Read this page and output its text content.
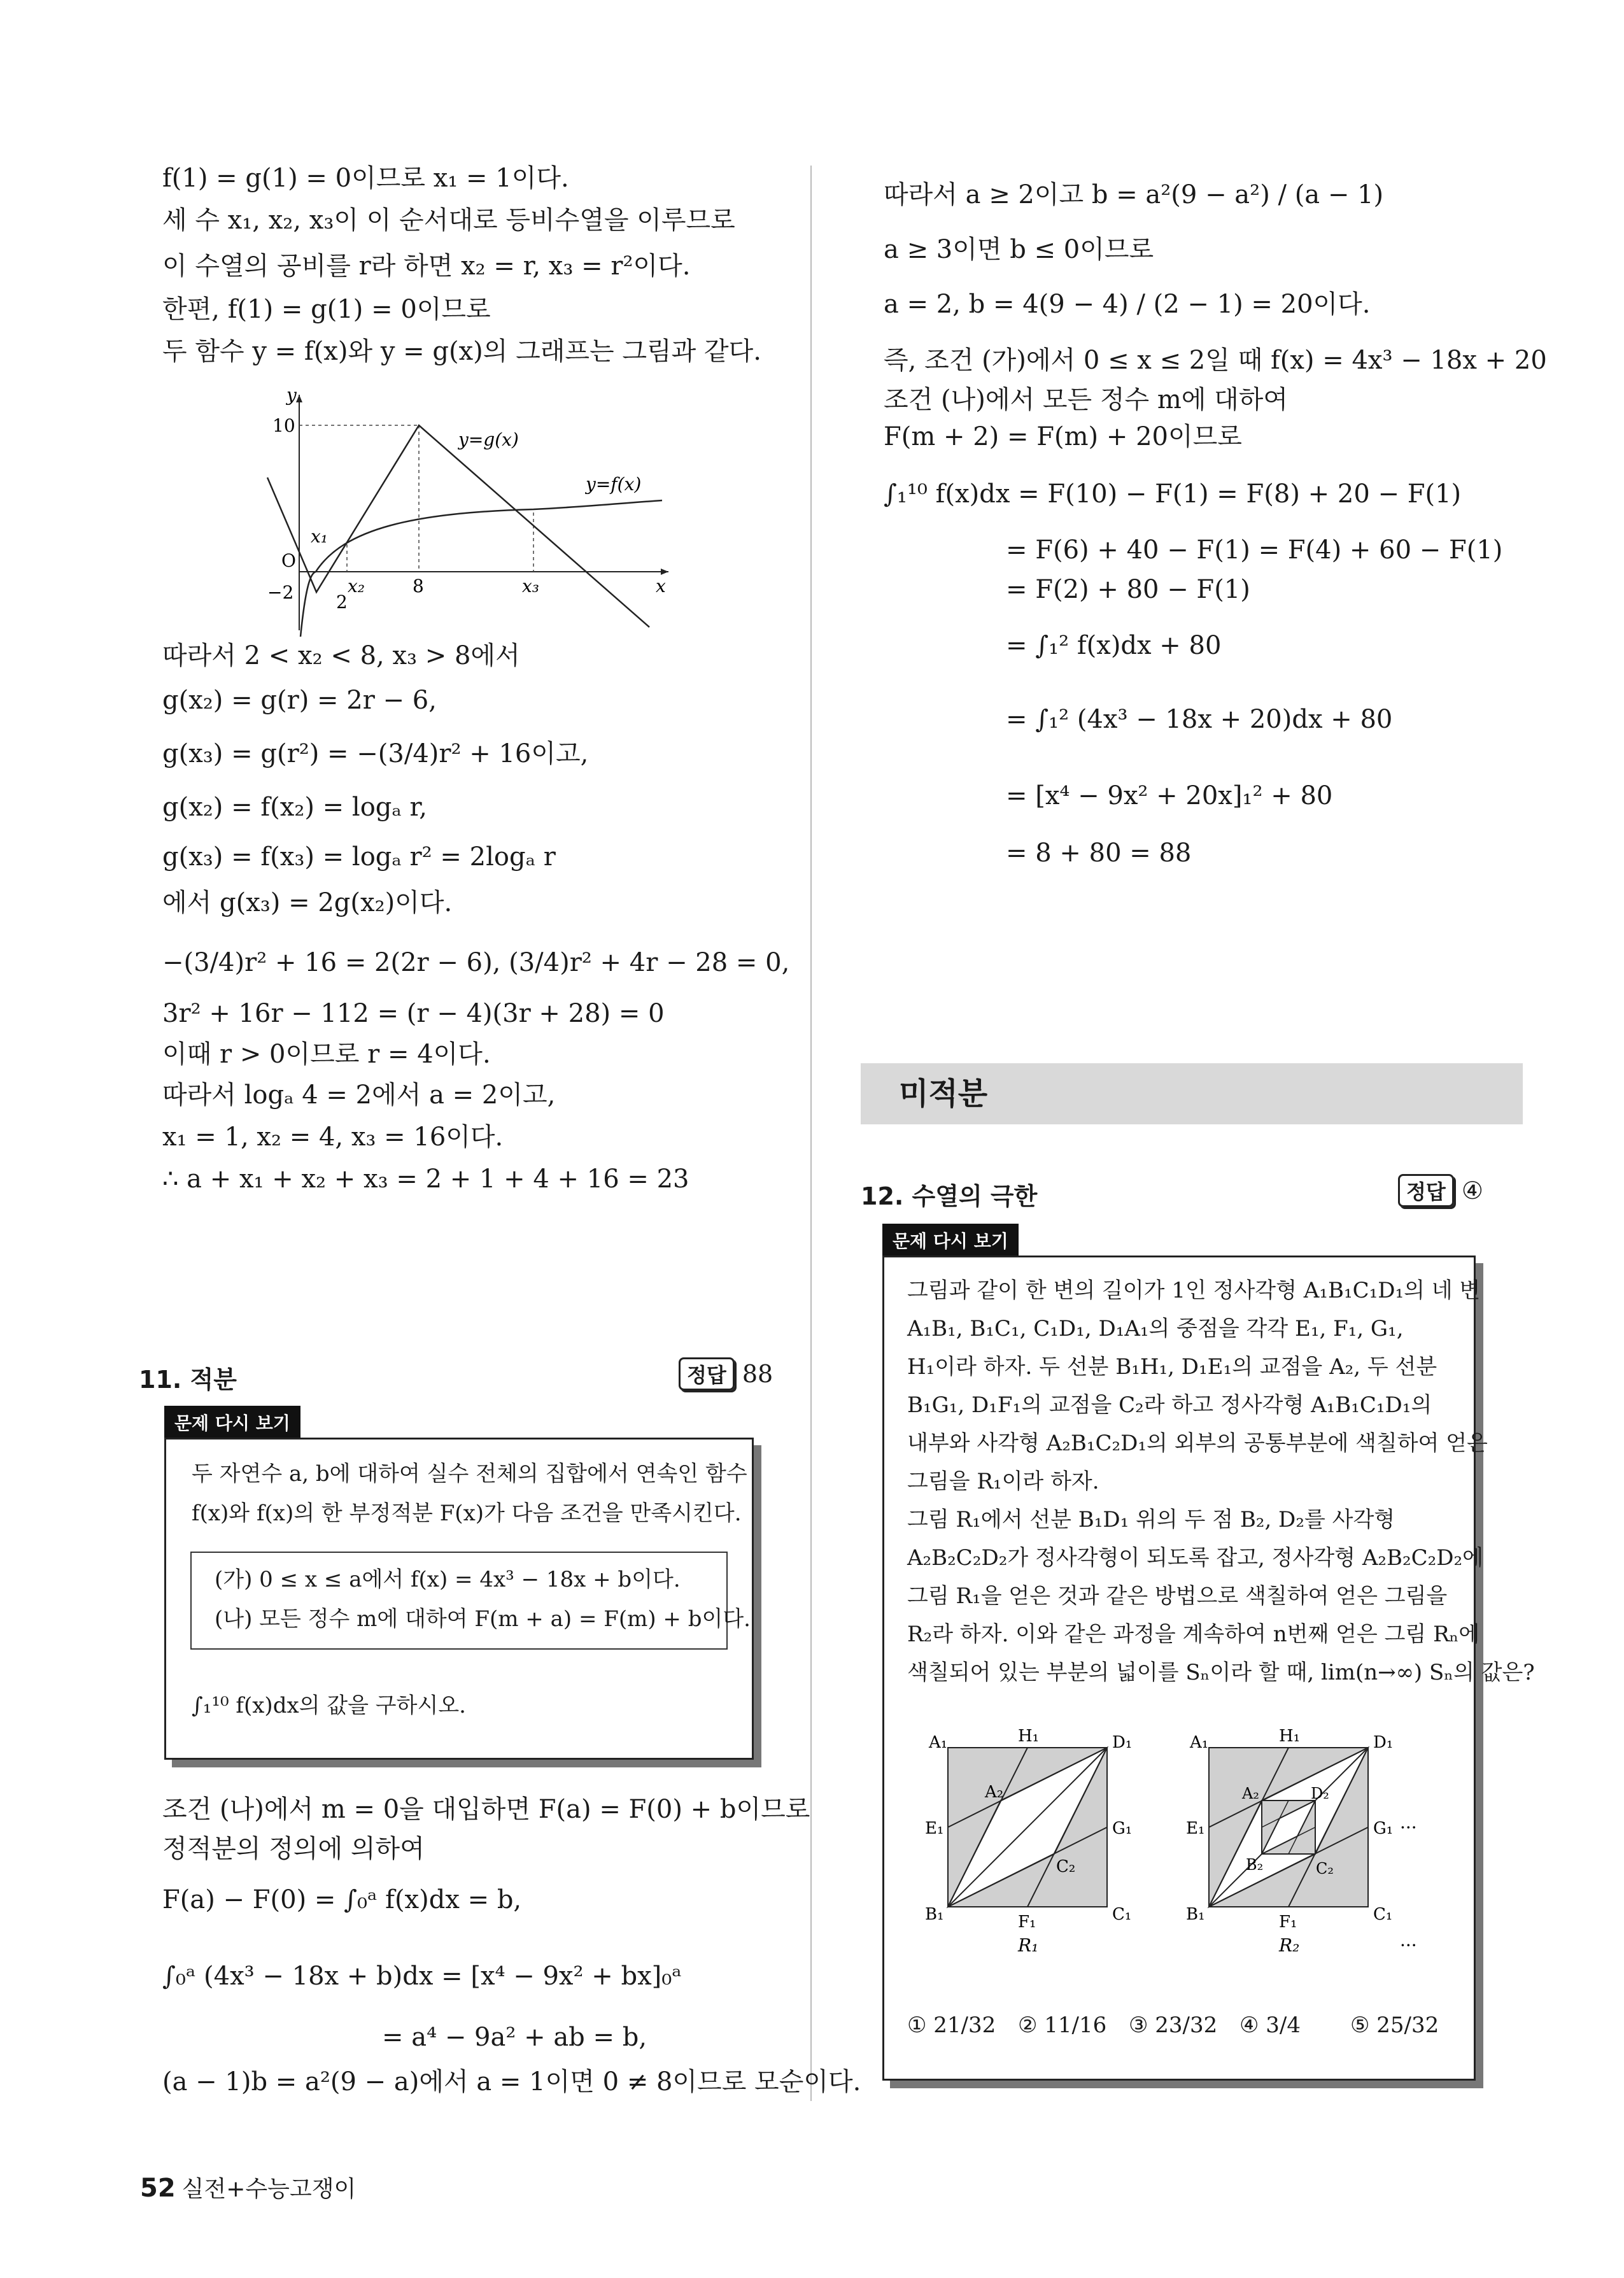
f(1) = g(1) = 0이므로 x₁ = 1이다.
세 수 x₁, x₂, x₃이 이 순서대로 등비수열을 이루므로
이 수열의 공비를 r라 하면 x₂ = r, x₃ = r²이다.
한편, f(1) = g(1) = 0이므로
두 함수 y = f(x)와 y = g(x)의 그래프는 그림과 같다.
y
x
O
10
−2 2
8
x₁
x₂	x₃
y=g(x)
y=f(x)
따라서 2 < x₂ < 8, x₃ > 8에서
g(x₂) = g(r) = 2r − 6,
g(x₃) = g(r²) = −(3/4)r² + 16이고,
g(x₂) = f(x₂) = logₐ r,
g(x₃) = f(x₃) = logₐ r² = 2logₐ r
에서 g(x₃) = 2g(x₂)이다.
−(3/4)r² + 16 = 2(2r − 6), (3/4)r² + 4r − 28 = 0,
3r² + 16r − 112 = (r − 4)(3r + 28) = 0
이때 r > 0이므로 r = 4이다.
따라서 logₐ 4 = 2에서 a = 2이고,
x₁ = 1, x₂ = 4, x₃ = 16이다.
∴ a + x₁ + x₂ + x₃ = 2 + 1 + 4 + 16 = 23
11. 적분	정답 88
문제 다시 보기
두 자연수 a, b에 대하여 실수 전체의 집합에서 연속인 함수
f(x)와 f(x)의 한 부정적분 F(x)가 다음 조건을 만족시킨다.
(가) 0 ≤ x ≤ a에서 f(x) = 4x³ − 18x + b이다.
(나) 모든 정수 m에 대하여 F(m + a) = F(m) + b이다.
∫₁¹⁰ f(x)dx의 값을 구하시오.
조건 (나)에서 m = 0을 대입하면 F(a) = F(0) + b이므로
정적분의 정의에 의하여
F(a) − F(0) = ∫₀ᵃ f(x)dx = b,
∫₀ᵃ (4x³ − 18x + b)dx = [x⁴ − 9x² + bx]₀ᵃ
= a⁴ − 9a² + ab = b,
(a − 1)b = a²(9 − a)에서 a = 1이면 0 ≠ 8이므로 모순이다.
따라서 a ≥ 2이고 b = a²(9 − a²) / (a − 1)
a ≥ 3이면 b ≤ 0이므로
a = 2, b = 4(9 − 4) / (2 − 1) = 20이다.
즉, 조건 (가)에서 0 ≤ x ≤ 2일 때 f(x) = 4x³ − 18x + 20
조건 (나)에서 모든 정수 m에 대하여
F(m + 2) = F(m) + 20이므로
∫₁¹⁰ f(x)dx = F(10) − F(1) = F(8) + 20 − F(1)
= F(6) + 40 − F(1) = F(4) + 60 − F(1)
= F(2) + 80 − F(1)
= ∫₁² f(x)dx + 80
= ∫₁² (4x³ − 18x + 20)dx + 80
= [x⁴ − 9x² + 20x]₁² + 80
= 8 + 80 = 88
미적분
12. 수열의 극한	정답 ④
문제 다시 보기
그림과 같이 한 변의 길이가 1인 정사각형 A₁B₁C₁D₁의 네 변
A₁B₁, B₁C₁, C₁D₁, D₁A₁의 중점을 각각 E₁, F₁, G₁,
H₁이라 하자. 두 선분 B₁H₁, D₁E₁의 교점을 A₂, 두 선분
B₁G₁, D₁F₁의 교점을 C₂라 하고 정사각형 A₁B₁C₁D₁의
내부와 사각형 A₂B₁C₂D₁의 외부의 공통부분에 색칠하여 얻은
그림을 R₁이라 하자.
그림 R₁에서 선분 B₁D₁ 위의 두 점 B₂, D₂를 사각형
A₂B₂C₂D₂가 정사각형이 되도록 잡고, 정사각형 A₂B₂C₂D₂에
그림 R₁을 얻은 것과 같은 방법으로 색칠하여 얻은 그림을
R₂라 하자. 이와 같은 과정을 계속하여 n번째 얻은 그림 Rₙ에
색칠되어 있는 부분의 넓이를 Sₙ이라 할 때, lim(n→∞) Sₙ의 값은?
A₁	H₁	D₁
E₁	G₁
B₁	F₁	C₁
A₂
C₂
R₁
A₁	H₁	D₁
E₁	G₁
B₁	F₁	C₁
A₂	D₂
B₂	C₂
R₂
···
···
① 21/32 ② 11/16 ③ 23/32 ④ 3/4 ⑤ 25/32
52 실전+수능고쟁이
